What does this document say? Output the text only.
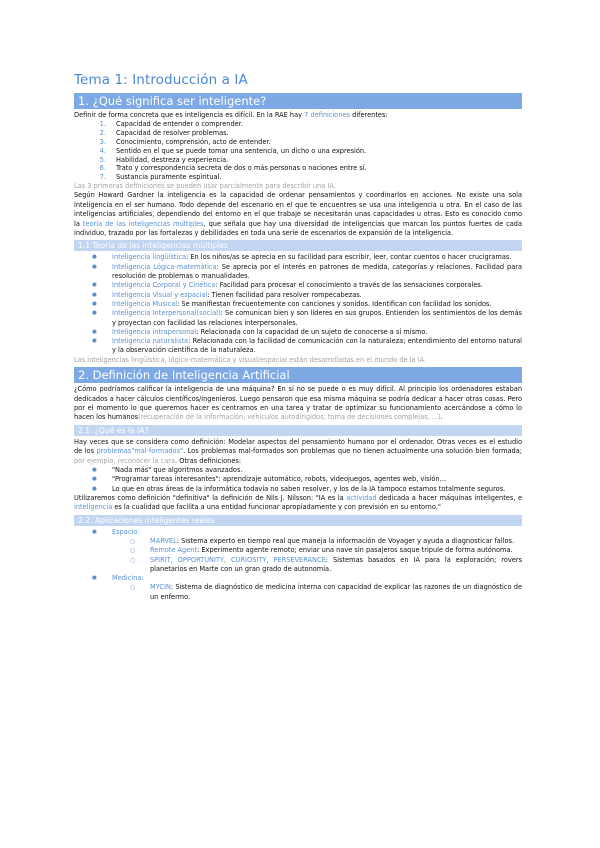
Tema 1: Introducción a IA
1. ¿Qué significa ser inteligente?

Definir de forma concreta que es inteligencia es difícil. En la RAE hay 7 definiciones diferentes:

1. Capacidad de entender o comprender.
2. Capacidad de resolver problemas.
3. Conocimiento, comprensión, acto de entender.
4. Sentido en el que se puede tomar una sentencia, un dicho o una expresión.
5. Habilidad, destreza y experiencia.
6. Trato y correspondencia secreta de dos o más personas o naciones entre sí.
7. Sustancia puramente espiritual.

Las 3 primeras definiciones se pueden usar parcialmente para describir una IA.

Según Howard Gardner la inteligencia es la capacidad de ordenar pensamientos y coordinarlos en acciones. No existe una sola inteligencia en el ser humano. Todo depende del escenario en el que te encuentres se usa una inteligencia u otra. En el caso de las inteligencias artificiales, dependiendo del entorno en el que trabaje se necesitarán unas capacidades u otras. Esto es conocido como la teoría de las inteligencias múltiples, que señala que hay una diversidad de inteligencias que marcan los puntos fuertes de cada individuo, trazado por las fortalezas y debilidades en toda una serie de escenarios de expansión de la inteligencia.

1.1 Teoría de las inteligencias múltiples
● Inteligencia lingüística: En los niños/as se aprecia en su facilidad para escribir, leer, contar cuentos o hacer crucigramas.
● Inteligencia Lógica-matemática: Se aprecia por el interés en patrones de medida, categorías y relaciones. Facilidad para resolución de problemas o manualidades.
● Inteligencia Corporal y Cinética: Facilidad para procesar el conocimiento a través de las sensaciones corporales.
● Inteligencia Visual y espacial: Tienen facilidad para resolver rompecabezas.
● Inteligencia Musical: Se manifiestan frecuentemente con canciones y sonidos. Identifican con facilidad los sonidos.
● Inteligencia Interpersonal(social): Se comunican bien y son líderes en sus grupos. Entienden los sentimientos de los demás y proyectan con facilidad las relaciones interpersonales.
● Inteligencia intrapersonal: Relacionada con la capacidad de un sujeto de conocerse a sí mismo.
● Inteligencia naturalista: Relacionada con la facilidad de comunicación con la naturaleza; entendimiento del entorno natural y la observación científica de la naturaleza.

Las inteligencias lingüística, lógico-matemática y visual/espacial están desarrolladas en el mundo de la IA.

2. Definición de Inteligencia Artificial

¿Cómo podríamos calificar la inteligencia de una máquina? En sí no se puede o es muy difícil. Al principio los ordenadores estaban dedicados a hacer cálculos científicos/ingenieros. Luego pensaron que esa misma máquina se podría dedicar a hacer otras cosas. Pero por el momento lo que queremos hacer es centrarnos en una tarea y tratar de optimizar su funcionamiento acercándose a cómo lo hacen los humanos(recuperación de la información, vehículos autodirigidos, toma de decisiones complejas, ...).

2.1. ¿Qué es la IA?

Hay veces que se considera como definición: Modelar aspectos del pensamiento humano por el ordenador. Otras veces es el estudio de los problemas"mal-formados". Los problemas mal-formados son problemas que no tienen actualmente una solución bien formada; por ejemplo, reconocer la cara. Otras definiciones:

● "Nada más" que algoritmos avanzados.
● "Programar tareas interesantes": aprendizaje automático, robots, videojuegos, agentes web, visión…
● Lo que en otras áreas de la informática todavía no saben resolver, y los de la IA tampoco estamos totalmente seguros.

Utilizaremos como definición "definitiva" la definición de Nils J. Nilsson: "IA es la actividad dedicada a hacer máquinas inteligentes, e inteligencia es la cualidad que facilita a una entidad funcionar apropiadamente y con previsión en su entorno."

2.2. Aplicaciones inteligentes reales
● Espacio:
○ MARVEL: Sistema experto en tiempo real que maneja la información de Voyager y ayuda a diagnosticar fallos.
○ Remote Agent: Experimento agente remoto; enviar una nave sin pasajeros saque tripule de forma autónoma.
○ SPIRIT, OPPORTUNITY, CURIOSITY, PERSEVERANCE: Sistemas basados en IA para la exploración; rovers planetarios en Marte con un gran grado de autonomía.
● Medicina:
○ MYCIN: Sistema de diagnóstico de medicina interna con capacidad de explicar las razones de un diagnóstico de un enfermo.
